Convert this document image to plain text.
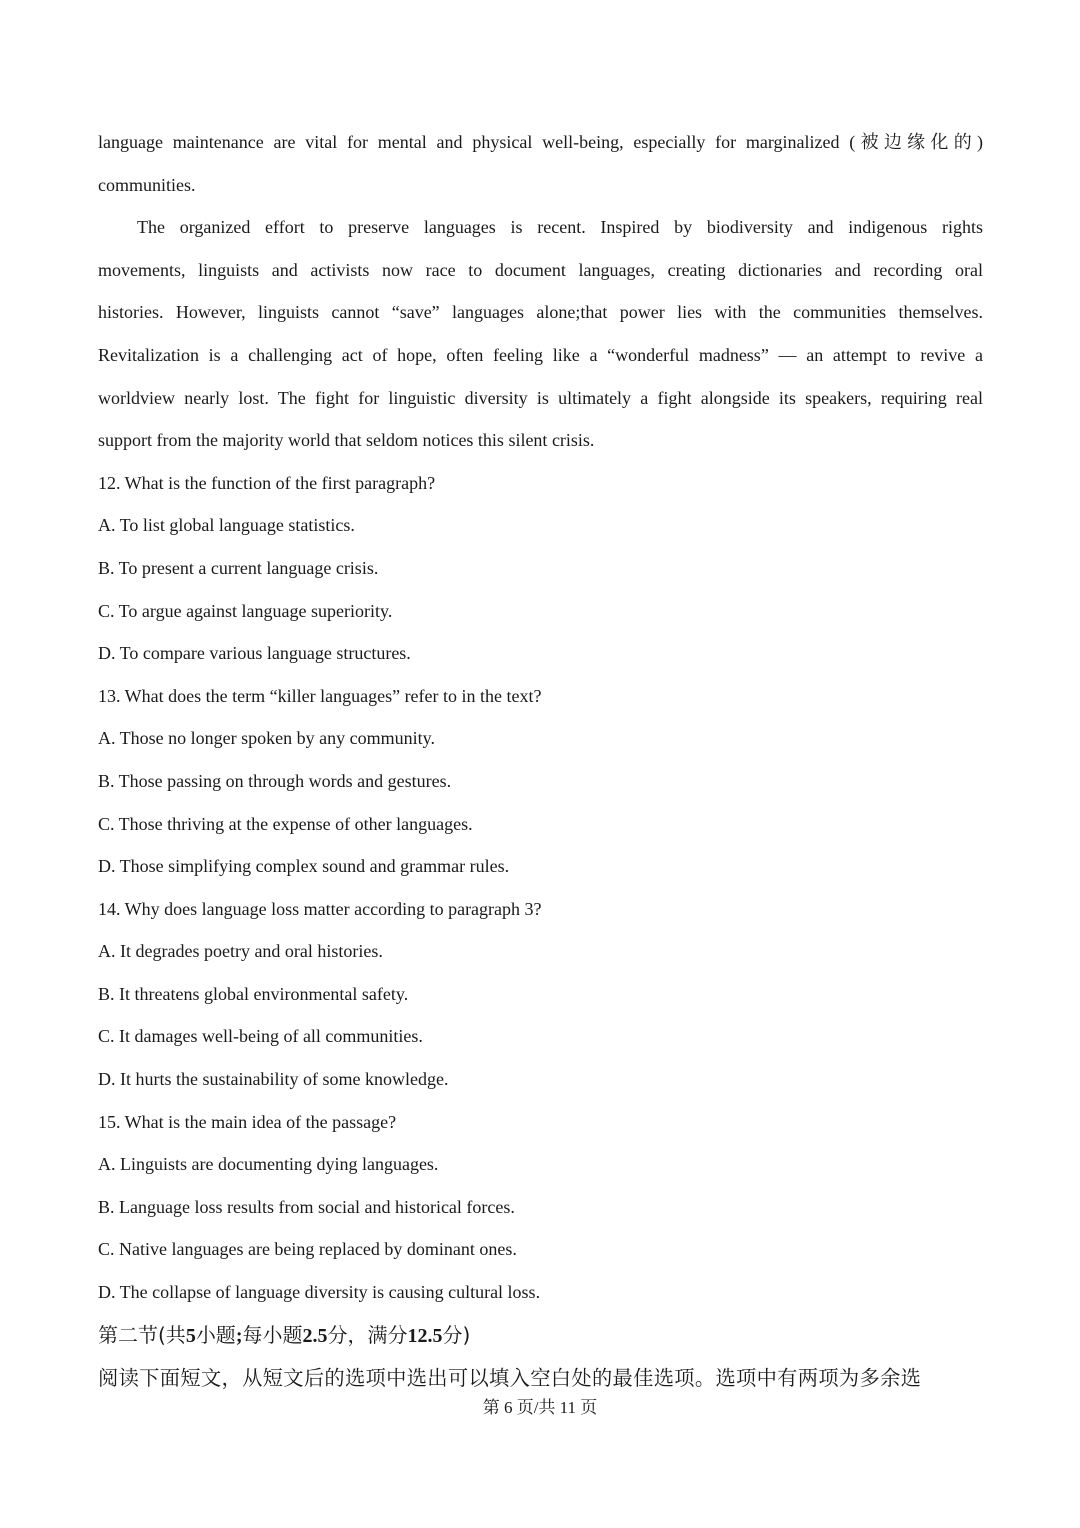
language maintenance are vital for mental and physical well-being, especially for marginalized (被边缘化的)

communities.

The organized effort to preserve languages is recent. Inspired by biodiversity and indigenous rights

movements, linguists and activists now race to document languages, creating dictionaries and recording oral

histories. However, linguists cannot “save” languages alone;that power lies with the communities themselves.

Revitalization is a challenging act of hope, often feeling like a “wonderful madness” — an attempt to revive a

worldview nearly lost. The fight for linguistic diversity is ultimately a fight alongside its speakers, requiring real

support from the majority world that seldom notices this silent crisis.

12. What is the function of the first paragraph?

A. To list global language statistics.

B. To present a current language crisis.

C. To argue against language superiority.

D. To compare various language structures.

13. What does the term “killer languages” refer to in the text?

A. Those no longer spoken by any community.

B. Those passing on through words and gestures.

C. Those thriving at the expense of other languages.

D. Those simplifying complex sound and grammar rules.

14. Why does language loss matter according to paragraph 3?

A. It degrades poetry and oral histories.

B. It threatens global environmental safety.

C. It damages well-being of all communities.

D. It hurts the sustainability of some knowledge.

15. What is the main idea of the passage?

A. Linguists are documenting dying languages.

B. Language loss results from social and historical forces.

C. Native languages are being replaced by dominant ones.

D. The collapse of language diversity is causing cultural loss.

第二节(共5小题;每小题2.5分，满分12.5分)

阅读下面短文，从短文后的选项中选出可以填入空白处的最佳选项。选项中有两项为多余选

第 6 页/共 11 页
